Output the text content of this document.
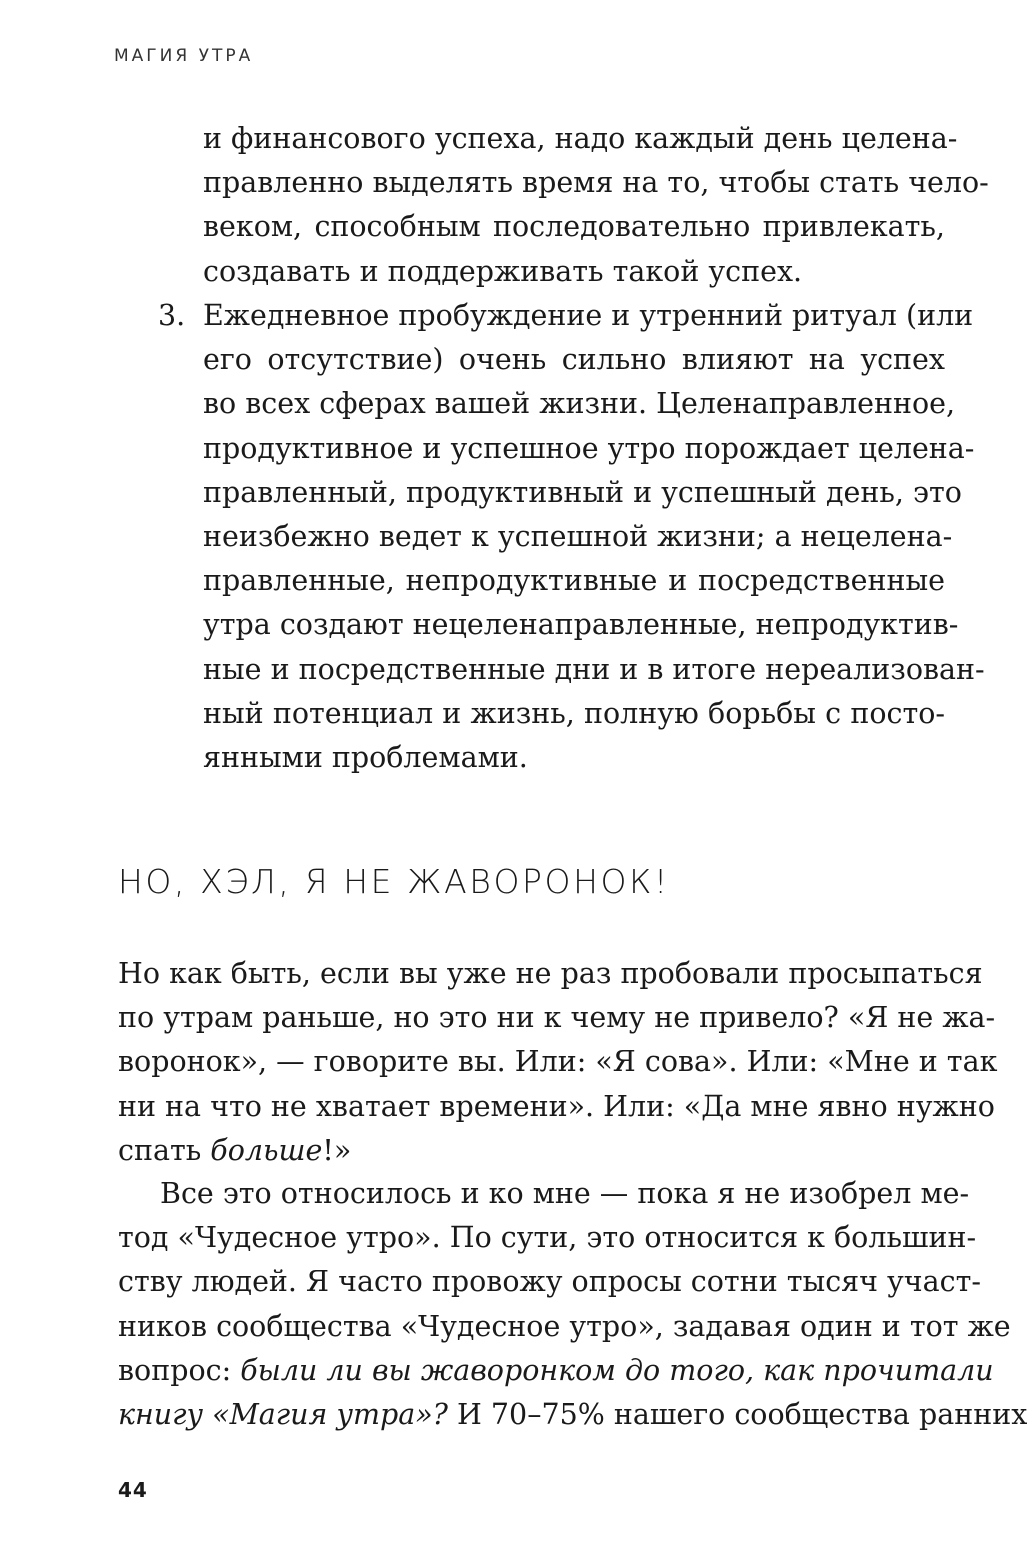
МАГИЯ УТРА
и финансового успеха, надо каждый день целена-
правленно выделять время на то, чтобы стать чело-
веком, способным последовательно привлекать,
создавать и поддерживать такой успех.
3. Ежедневное пробуждение и утренний ритуал (или
его отсутствие) очень сильно влияют на успех
во всех сферах вашей жизни. Целенаправленное,
продуктивное и успешное утро порождает целена-
правленный, продуктивный и успешный день, это
неизбежно ведет к успешной жизни; а нецелена-
правленные, непродуктивные и посредственные
утра создают нецеленаправленные, непродуктив-
ные и посредственные дни и в итоге нереализован-
ный потенциал и жизнь, полную борьбы с посто-
янными проблемами.
НО, ХЭЛ, Я НЕ ЖАВОРОНОК!
Но как быть, если вы уже не раз пробовали просыпаться
по утрам раньше, но это ни к чему не привело? «Я не жа-
воронок», — говорите вы. Или: «Я сова». Или: «Мне и так
ни на что не хватает времени». Или: «Да мне явно нужно
спать больше!»
Все это относилось и ко мне — пока я не изобрел ме-
тод «Чудесное утро». По сути, это относится к большин-
ству людей. Я часто провожу опросы сотни тысяч участ-
ников сообщества «Чудесное утро», задавая один и тот же
вопрос: были ли вы жаворонком до того, как прочитали
книгу «Магия утра»? И 70–75% нашего сообщества ранних
44
